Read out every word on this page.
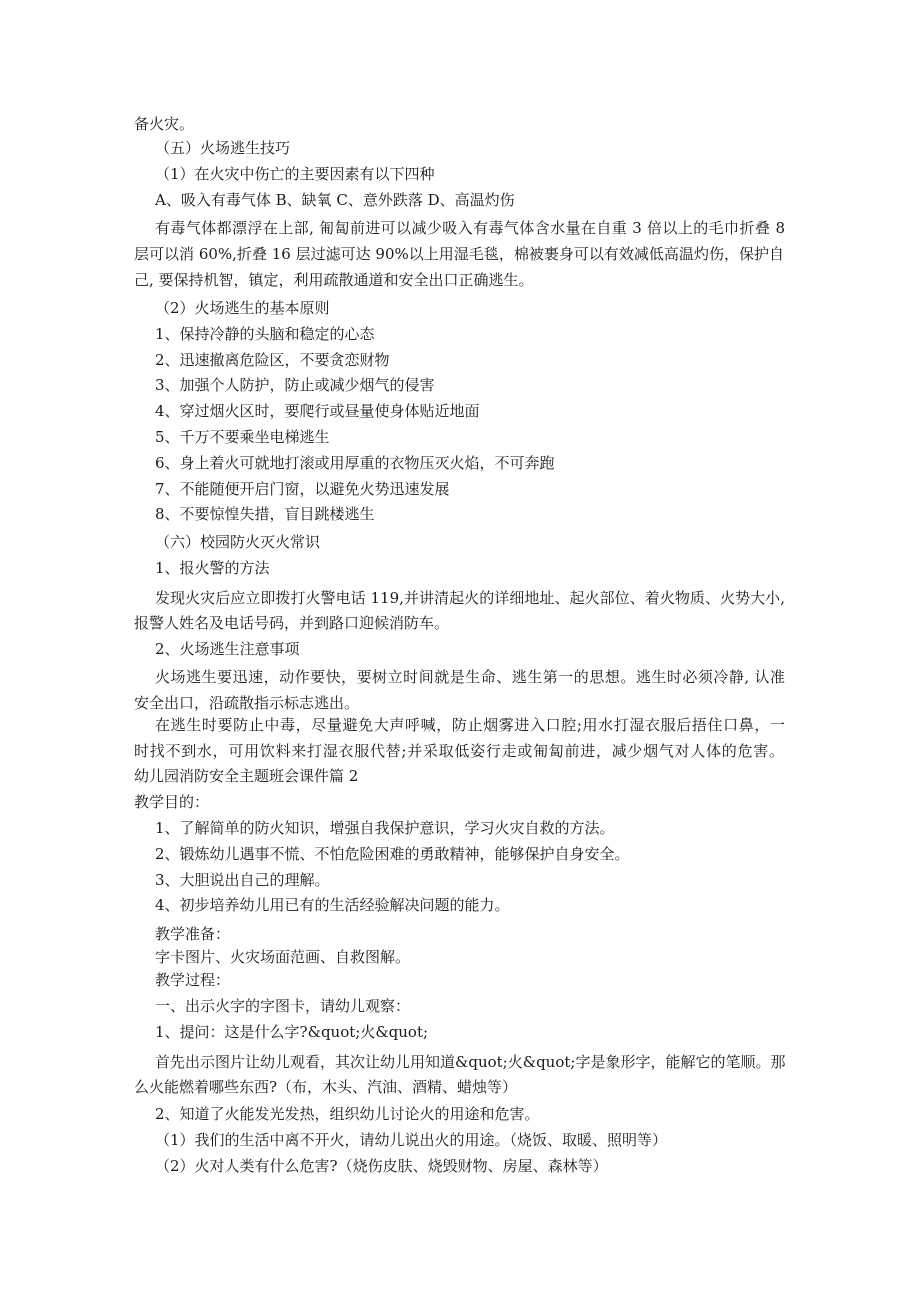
备火灾。

（五）火场逃生技巧

（1）在火灾中伤亡的主要因素有以下四种

A、吸入有毒气体 B、缺氧 C、意外跌落 D、高温灼伤

有毒气体都漂浮在上部, 匍匐前进可以减少吸入有毒气体含水量在自重 3 倍以上的毛巾折叠 8

层可以消 60%,折叠 16 层过滤可达 90%以上用湿毛毯，棉被裹身可以有效减低高温灼伤，保护自

己, 要保持机智，镇定，利用疏散通道和安全出口正确逃生。

（2）火场逃生的基本原则

1、保持冷静的头脑和稳定的心态

2、迅速撤离危险区，不要贪恋财物

3、加强个人防护，防止或减少烟气的侵害

4、穿过烟火区时，要爬行或昼量使身体贴近地面

5、千万不要乘坐电梯逃生

6、身上着火可就地打滚或用厚重的衣物压灭火焰，不可奔跑

7、不能随便开启门窗，以避免火势迅速发展

8、不要惊惶失措，盲目跳楼逃生

（六）校园防火灭火常识

1、报火警的方法

发现火灾后应立即拨打火警电话 119,并讲清起火的详细地址、起火部位、着火物质、火势大小,

报警人姓名及电话号码，并到路口迎候消防车。

2、火场逃生注意事项

火场逃生要迅速，动作要快，要树立时间就是生命、逃生第一的思想。逃生时必须冷静, 认准

安全出口，沿疏散指示标志逃出。

在逃生时要防止中毒，尽量避免大声呼喊，防止烟雾进入口腔;用水打湿衣服后捂住口鼻，一

时找不到水，可用饮料来打湿衣服代替;并采取低姿行走或匍匐前进，减少烟气对人体的危害。

幼儿园消防安全主题班会课件篇 2

教学目的：

1、了解简单的防火知识，增强自我保护意识，学习火灾自救的方法。

2、锻炼幼儿遇事不慌、不怕危险困难的勇敢精神，能够保护自身安全。

3、大胆说出自己的理解。

4、初步培养幼儿用已有的生活经验解决问题的能力。

教学准备：

字卡图片、火灾场面范画、自救图解。

教学过程：

一、出示火字的字图卡，请幼儿观察：

1、提问：这是什么字?&quot;火&quot;

首先出示图片让幼儿观看，其次让幼儿用知道&quot;火&quot;字是象形字，能解它的笔顺。那

么火能燃着哪些东西?（布，木头、汽油、酒精、蜡烛等）

2、知道了火能发光发热，组织幼儿讨论火的用途和危害。

（1）我们的生活中离不开火，请幼儿说出火的用途。（烧饭、取暖、照明等）

（2）火对人类有什么危害?（烧伤皮肤、烧毁财物、房屋、森林等）
